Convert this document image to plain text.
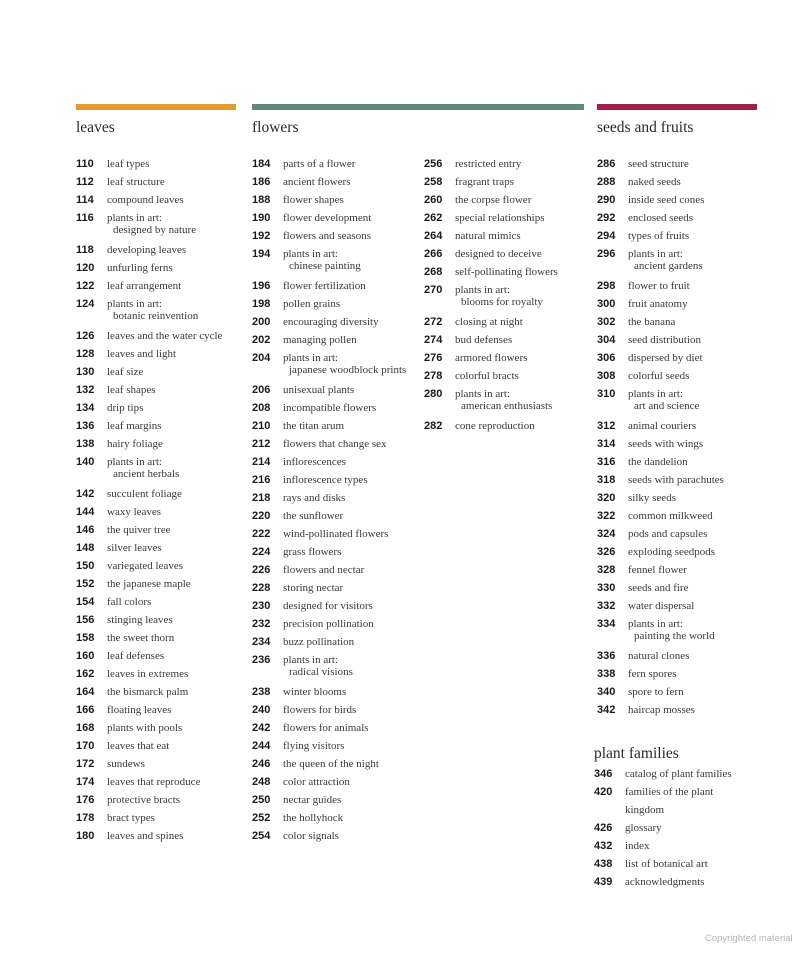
leaves	flowers	seeds and fruits
plant families
110	leaf types
112	leaf structure
114	compound leaves
116	plants in art:
designed by nature
118	developing leaves
120	unfurling ferns
122	leaf arrangement
124	plants in art:
botanic reinvention
126	leaves and the water cycle
128	leaves and light
130	leaf size
132	leaf shapes
134	drip tips
136	leaf margins
138	hairy foliage
140	plants in art:
ancient herbals
142	succulent foliage
144	waxy leaves
146	the quiver tree
148	silver leaves
150	variegated leaves
152	the japanese maple
154	fall colors
156	stinging leaves
158	the sweet thorn
160	leaf defenses
162	leaves in extremes
164	the bismarck palm
166	floating leaves
168	plants with pools
170	leaves that eat
172	sundews
174	leaves that reproduce
176	protective bracts
178	bract types
180	leaves and spines
184	parts of a flower
186	ancient flowers
188	flower shapes
190	flower development
192	flowers and seasons
194	plants in art:
chinese painting
196	flower fertilization
198	pollen grains
200	encouraging diversity
202	managing pollen
204	plants in art:
japanese woodblock prints
206	unisexual plants
208	incompatible flowers
210	the titan arum
212	flowers that change sex
214	inflorescences
216	inflorescence types
218	rays and disks
220	the sunflower
222	wind-pollinated flowers
224	grass flowers
226	flowers and nectar
228	storing nectar
230	designed for visitors
232	precision pollination
234	buzz pollination
236	plants in art:
radical visions
238	winter blooms
240	flowers for birds
242	flowers for animals
244	flying visitors
246	the queen of the night
248	color attraction
250	nectar guides
252	the hollyhock
254	color signals
256	restricted entry
258	fragrant traps
260	the corpse flower
262	special relationships
264	natural mimics
266	designed to deceive
268	self-pollinating flowers
270	plants in art:
blooms for royalty
272	closing at night
274	bud defenses
276	armored flowers
278	colorful bracts
280	plants in art:
american enthusiasts
282	cone reproduction
286	seed structure
288	naked seeds
290	inside seed cones
292	enclosed seeds
294	types of fruits
296	plants in art:
ancient gardens
298	flower to fruit
300	fruit anatomy
302	the banana
304	seed distribution
306	dispersed by diet
308	colorful seeds
310	plants in art:
art and science
312	animal couriers
314	seeds with wings
316	the dandelion
318	seeds with parachutes
320	silky seeds
322	common milkweed
324	pods and capsules
326	exploding seedpods
328	fennel flower
330	seeds and fire
332	water dispersal
334	plants in art:
painting the world
336	natural clones
338	fern spores
340	spore to fern
342	haircap mosses
346	catalog of plant families
420	families of the plant
kingdom
426	glossary
432	index
438	list of botanical art
439	acknowledgments
Copyrighted material
